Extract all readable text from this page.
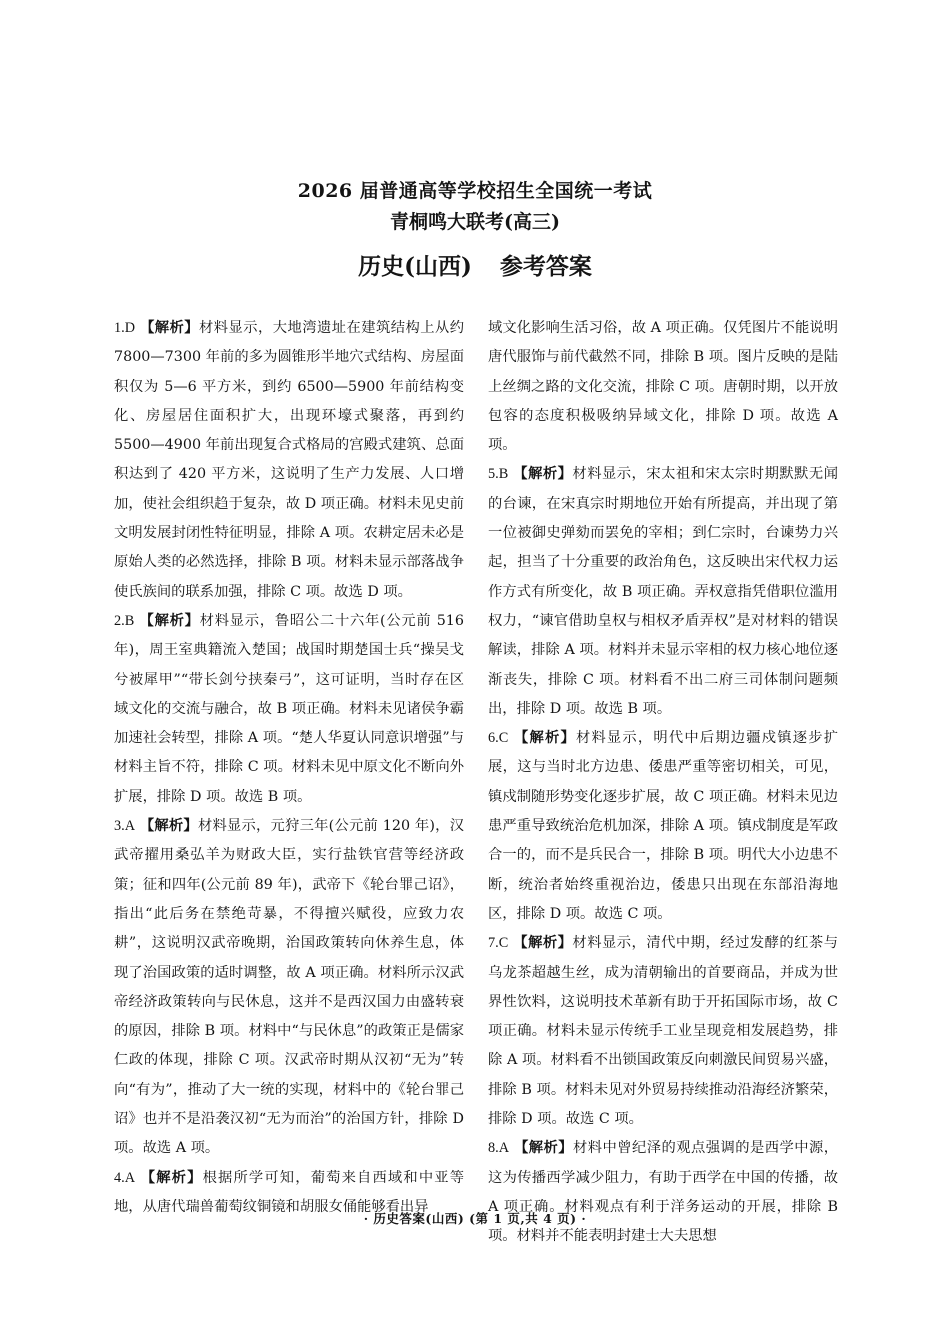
2026 届普通高等学校招生全国统一考试
青桐鸣大联考(高三)
历史(山西) 参考答案

1.D 【解析】材料显示，大地湾遗址在建筑结构上从约 7800—7300 年前的多为圆锥形半地穴式结构、房屋面积仅为 5—6 平方米，到约 6500—5900 年前结构变化、房屋居住面积扩大，出现环壕式聚落，再到约 5500—4900 年前出现复合式格局的宫殿式建筑、总面积达到了 420 平方米，这说明了生产力发展、人口增加，使社会组织趋于复杂，故 D 项正确。材料未见史前文明发展封闭性特征明显，排除 A 项。农耕定居未必是原始人类的必然选择，排除 B 项。材料未显示部落战争使氏族间的联系加强，排除 C 项。故选 D 项。

2.B 【解析】材料显示，鲁昭公二十六年(公元前 516 年)，周王室典籍流入楚国；战国时期楚国士兵“操吴戈兮被犀甲”“带长剑兮挟秦弓”，这可证明，当时存在区域文化的交流与融合，故 B 项正确。材料未见诸侯争霸加速社会转型，排除 A 项。“楚人华夏认同意识增强”与材料主旨不符，排除 C 项。材料未见中原文化不断向外扩展，排除 D 项。故选 B 项。

3.A 【解析】材料显示，元狩三年(公元前 120 年)，汉武帝擢用桑弘羊为财政大臣，实行盐铁官营等经济政策；征和四年(公元前 89 年)，武帝下《轮台罪己诏》，指出“此后务在禁绝苛暴，不得擅兴赋役，应致力农耕”，这说明汉武帝晚期，治国政策转向休养生息，体现了治国政策的适时调整，故 A 项正确。材料所示汉武帝经济政策转向与民休息，这并不是西汉国力由盛转衰的原因，排除 B 项。材料中“与民休息”的政策正是儒家仁政的体现，排除 C 项。汉武帝时期从汉初“无为”转向“有为”，推动了大一统的实现，材料中的《轮台罪己诏》也并不是沿袭汉初“无为而治”的治国方针，排除 D 项。故选 A 项。

4.A 【解析】根据所学可知，葡萄来自西域和中亚等地，从唐代瑞兽葡萄纹铜镜和胡服女俑能够看出异

域文化影响生活习俗，故 A 项正确。仅凭图片不能说明唐代服饰与前代截然不同，排除 B 项。图片反映的是陆上丝绸之路的文化交流，排除 C 项。唐朝时期，以开放包容的态度积极吸纳异域文化，排除 D 项。故选 A 项。

5.B 【解析】材料显示，宋太祖和宋太宗时期默默无闻的台谏，在宋真宗时期地位开始有所提高，并出现了第一位被御史弹劾而罢免的宰相；到仁宗时，台谏势力兴起，担当了十分重要的政治角色，这反映出宋代权力运作方式有所变化，故 B 项正确。弄权意指凭借职位滥用权力，“谏官借助皇权与相权矛盾弄权”是对材料的错误解读，排除 A 项。材料并未显示宰相的权力核心地位逐渐丧失，排除 C 项。材料看不出二府三司体制问题频出，排除 D 项。故选 B 项。

6.C 【解析】材料显示，明代中后期边疆戍镇逐步扩展，这与当时北方边患、倭患严重等密切相关，可见，镇戍制随形势变化逐步扩展，故 C 项正确。材料未见边患严重导致统治危机加深，排除 A 项。镇戍制度是军政合一的，而不是兵民合一，排除 B 项。明代大小边患不断，统治者始终重视治边，倭患只出现在东部沿海地区，排除 D 项。故选 C 项。

7.C 【解析】材料显示，清代中期，经过发酵的红茶与乌龙茶超越生丝，成为清朝输出的首要商品，并成为世界性饮料，这说明技术革新有助于开拓国际市场，故 C 项正确。材料未显示传统手工业呈现竞相发展趋势，排除 A 项。材料看不出锁国政策反向刺激民间贸易兴盛，排除 B 项。材料未见对外贸易持续推动沿海经济繁荣，排除 D 项。故选 C 项。

8.A 【解析】材料中曾纪泽的观点强调的是西学中源，这为传播西学减少阻力，有助于西学在中国的传播，故 A 项正确。材料观点有利于洋务运动的开展，排除 B 项。材料并不能表明封建士大夫思想

· 历史答案(山西) (第 1 页,共 4 页) ·
